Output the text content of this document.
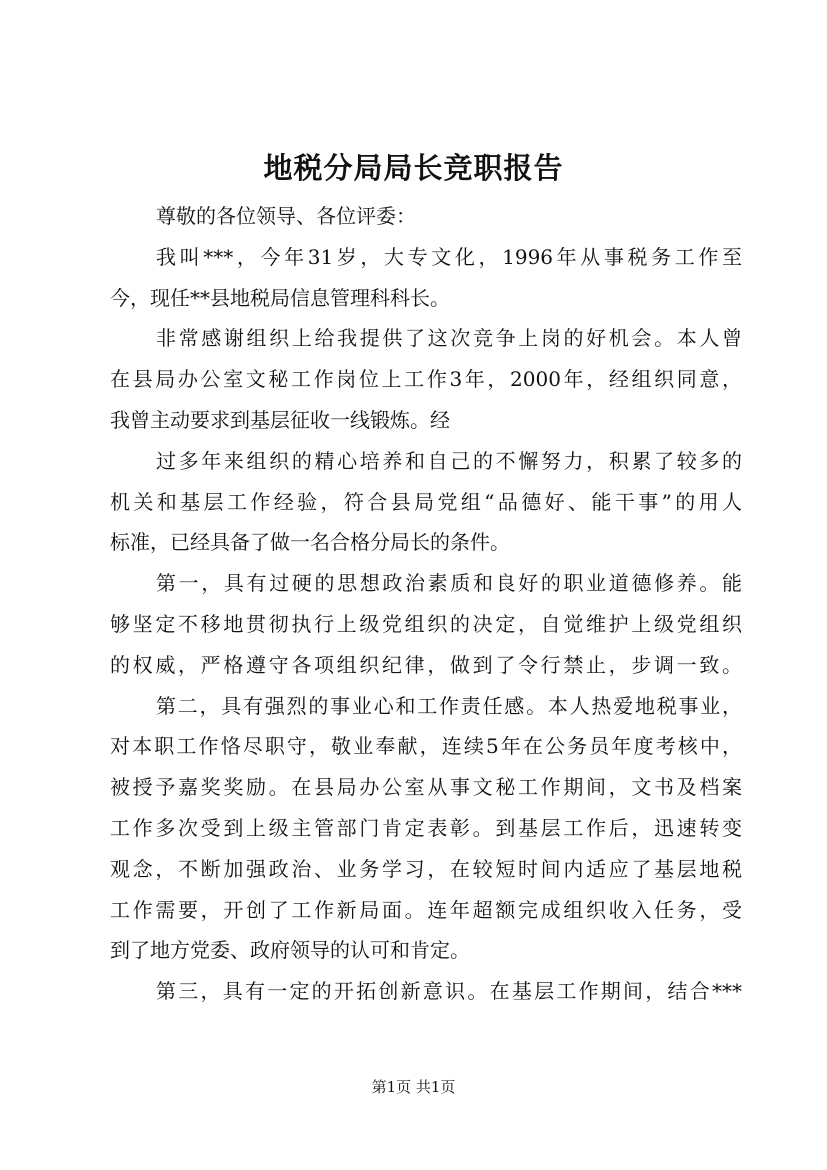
地税分局局长竞职报告
尊敬的各位领导、各位评委：
我叫***，今年31岁，大专文化，1996年从事税务工作至
今，现任**县地税局信息管理科科长。
非常感谢组织上给我提供了这次竞争上岗的好机会。本人曾
在县局办公室文秘工作岗位上工作3年，2000年，经组织同意，
我曾主动要求到基层征收一线锻炼。经
过多年来组织的精心培养和自己的不懈努力，积累了较多的
机关和基层工作经验，符合县局党组“品德好、能干事”的用人
标准，已经具备了做一名合格分局长的条件。
第一，具有过硬的思想政治素质和良好的职业道德修养。能
够坚定不移地贯彻执行上级党组织的决定，自觉维护上级党组织
的权威，严格遵守各项组织纪律，做到了令行禁止，步调一致。
第二，具有强烈的事业心和工作责任感。本人热爱地税事业，
对本职工作恪尽职守，敬业奉献，连续5年在公务员年度考核中，
被授予嘉奖奖励。在县局办公室从事文秘工作期间，文书及档案
工作多次受到上级主管部门肯定表彰。到基层工作后，迅速转变
观念，不断加强政治、业务学习，在较短时间内适应了基层地税
工作需要，开创了工作新局面。连年超额完成组织收入任务，受
到了地方党委、政府领导的认可和肯定。
第三，具有一定的开拓创新意识。在基层工作期间，结合***
第1页 共1页
